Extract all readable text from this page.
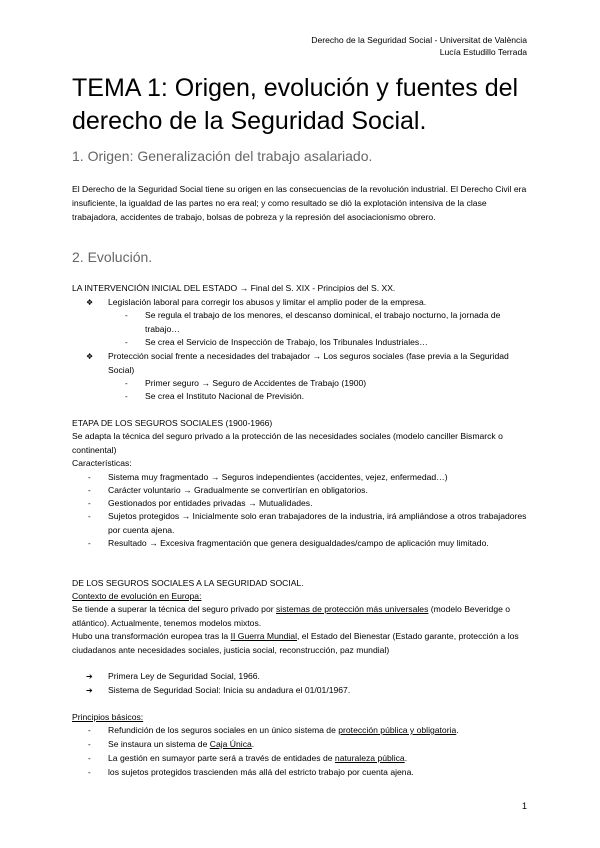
Derecho de la Seguridad Social - Universitat de València
Lucía Estudillo Terrada
TEMA 1: Origen, evolución y fuentes del derecho de la Seguridad Social.
1. Origen: Generalización del trabajo asalariado.

El Derecho de la Seguridad Social tiene su origen en las consecuencias de la revolución industrial. El Derecho Civil era insuficiente, la igualdad de las partes no era real; y como resultado se dió la explotación intensiva de la clase trabajadora, accidentes de trabajo, bolsas de pobreza y la represión del asociacionismo obrero.

2. Evolución.
LA INTERVENCIÓN INICIAL DEL ESTADO → Final del S. XIX - Principios del S. XX.
❖ Legislación laboral para corregir los abusos y limitar el amplio poder de la empresa.
- Se regula el trabajo de los menores, el descanso dominical, el trabajo nocturno, la jornada de trabajo…
- Se crea el Servicio de Inspección de Trabajo, los Tribunales Industriales…
❖ Protección social frente a necesidades del trabajador → Los seguros sociales (fase previa a la Seguridad Social)
- Primer seguro → Seguro de Accidentes de Trabajo (1900)
- Se crea el Instituto Nacional de Previsión.
ETAPA DE LOS SEGUROS SOCIALES (1900-1966)

Se adapta la técnica del seguro privado a la protección de las necesidades sociales (modelo canciller Bismarck o continental)

Características:
- Sistema muy fragmentado → Seguros independientes (accidentes, vejez, enfermedad…)
- Carácter voluntario → Gradualmente se convertirían en obligatorios.
- Gestionados por entidades privadas → Mutualidades.
- Sujetos protegidos → Inicialmente solo eran trabajadores de la industria, irá ampliándose a otros trabajadores por cuenta ajena.
- Resultado → Excesiva fragmentación que genera desigualdades/campo de aplicación muy limitado.
DE LOS SEGUROS SOCIALES A LA SEGURIDAD SOCIAL.
Contexto de evolución en Europa:

Se tiende a superar la técnica del seguro privado por sistemas de protección más universales (modelo Beveridge o atlántico). Actualmente, tenemos modelos mixtos.

Hubo una transformación europea tras la II Guerra Mundial, el Estado del Bienestar (Estado garante, protección a los ciudadanos ante necesidades sociales, justicia social, reconstrucción, paz mundial)

➔ Primera Ley de Seguridad Social, 1966.
➔ Sistema de Seguridad Social: Inicia su andadura el 01/01/1967.
Principios básicos:
- Refundición de los seguros sociales en un único sistema de protección pública y obligatoria.
- Se instaura un sistema de Caja Única.
- La gestión en sumayor parte será a través de entidades de naturaleza pública.
- los sujetos protegidos trascienden más allá del estricto trabajo por cuenta ajena.
1
